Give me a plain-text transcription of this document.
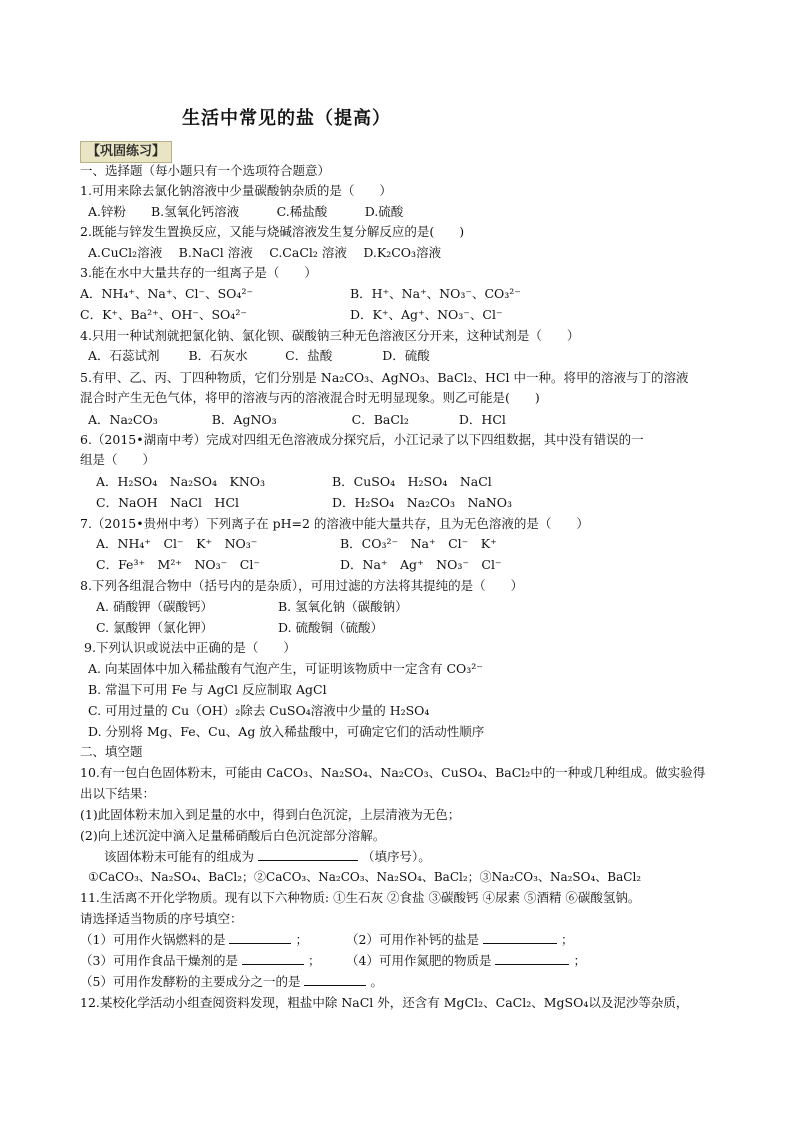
生活中常见的盐（提高）
【巩固练习】
一、选择题（每小题只有一个选项符合题意）
1.可用来除去氯化钠溶液中少量碳酸钠杂质的是（　　）
A.锌粉　　B.氢氧化钙溶液　　　C.稀盐酸　　　D.硫酸
2.既能与锌发生置换反应，又能与烧碱溶液发生复分解反应的是(　　)
A.CuCl₂溶液　 B.NaCl 溶液　 C.CaCl₂ 溶液　 D.K₂CO₃溶液
3.能在水中大量共存的一组离子是（　　）
A．NH₄⁺、Na⁺、Cl⁻、SO₄²⁻	B．H⁺、Na⁺、NO₃⁻、CO₃²⁻
C．K⁺、Ba²⁺、OH⁻、SO₄²⁻	D．K⁺、Ag⁺、NO₃⁻、Cl⁻
4.只用一种试剂就把氯化钠、氯化钡、碳酸钠三种无色溶液区分开来，这种试剂是（　　）
A．石蕊试剂　　 B．石灰水　　　C．盐酸　　　　D．硫酸
5.有甲、乙、丙、丁四种物质，它们分别是 Na₂CO₃、AgNO₃、BaCl₂、HCl 中一种。将甲的溶液与丁的溶液
混合时产生无色气体，将甲的溶液与丙的溶液混合时无明显现象。则乙可能是(　　)
A．Na₂CO₃　　　　 B．AgNO₃　　　　　　C．BaCl₂　　　　D．HCl
6.（2015•湖南中考）完成对四组无色溶液成分探究后，小江记录了以下四组数据，其中没有错误的一
组是（　　）
A．H₂SO₄　Na₂SO₄　KNO₃	B．CuSO₄　H₂SO₄　NaCl
C．NaOH　NaCl　HCl	D．H₂SO₄　Na₂CO₃　NaNO₃
7.（2015•贵州中考）下列离子在 pH=2 的溶液中能大量共存，且为无色溶液的是（　　）
A．NH₄⁺　Cl⁻　K⁺　NO₃⁻	B．CO₃²⁻　Na⁺　Cl⁻　K⁺
C．Fe³⁺　M²⁺　NO₃⁻　Cl⁻	D．Na⁺　Ag⁺　NO₃⁻　Cl⁻
8.下列各组混合物中（括号内的是杂质），可用过滤的方法将其提纯的是（　　）
A. 硝酸钾（碳酸钙）	B. 氢氧化钠（碳酸钠）
C. 氯酸钾（氯化钾）	D. 硫酸铜（硫酸）
9.下列认识或说法中正确的是（　　）
A. 向某固体中加入稀盐酸有气泡产生，可证明该物质中一定含有 CO₃²⁻
B. 常温下可用 Fe 与 AgCl 反应制取 AgCl
C. 可用过量的 Cu（OH）₂除去 CuSO₄溶液中少量的 H₂SO₄
D. 分别将 Mg、Fe、Cu、Ag 放入稀盐酸中，可确定它们的活动性顺序
二、填空题
10.有一包白色固体粉末，可能由 CaCO₃、Na₂SO₄、Na₂CO₃、CuSO₄、BaCl₂中的一种或几种组成。做实验得
出以下结果：
(1)此固体粉末加入到足量的水中，得到白色沉淀，上层清液为无色；
(2)向上述沉淀中滴入足量稀硝酸后白色沉淀部分溶解。
该固体粉末可能有的组成为	（填序号）。
①CaCO₃、Na₂SO₄、BaCl₂；②CaCO₃、Na₂CO₃、Na₂SO₄、BaCl₂；③Na₂CO₃、Na₂SO₄、BaCl₂
11.生活离不开化学物质。现有以下六种物质: ①生石灰 ②食盐 ③碳酸钙 ④尿素 ⑤酒精 ⑥碳酸氢钠。
请选择适当物质的序号填空：
（1）可用作火锅燃料的是	；	（2）可用作补钙的盐是	；
（3）可用作食品干燥剂的是	； （4）可用作氮肥的物质是	；
（5）可用作发酵粉的主要成分之一的是	。
12.某校化学活动小组查阅资料发现，粗盐中除 NaCl 外，还含有 MgCl₂、CaCl₂、MgSO₄以及泥沙等杂质，
